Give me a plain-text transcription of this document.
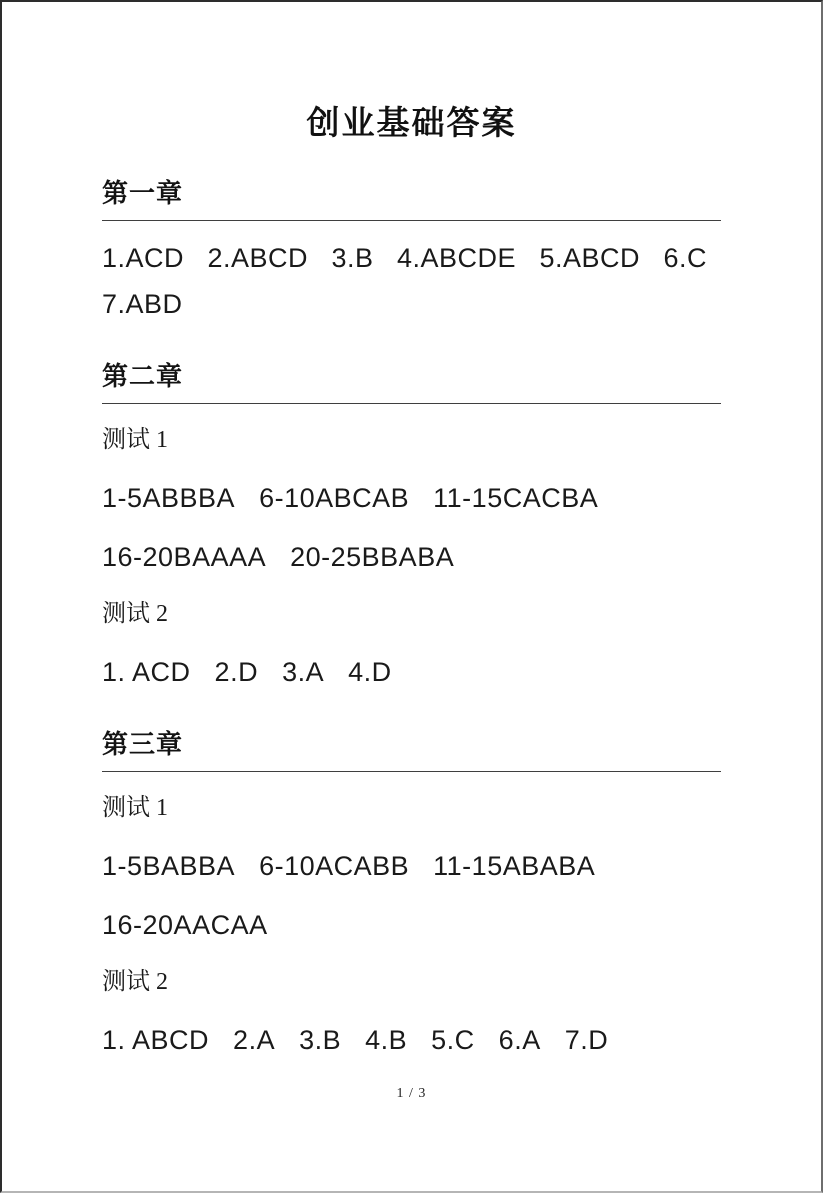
创业基础答案
第一章

1.ACD 2.ABCD 3.B 4.ABCDE 5.ABCD 6.C

7.ABD

第二章

测试 1

1-5ABBBA 6-10ABCAB 11-15CACBA

16-20BAAAA 20-25BBABA

测试 2

1. ACD 2.D 3.A 4.D

第三章

测试 1

1-5BABBA 6-10ACABB 11-15ABABA

16-20AACAA

测试 2

1. ABCD 2.A 3.B 4.B 5.C 6.A 7.D

1 / 3
